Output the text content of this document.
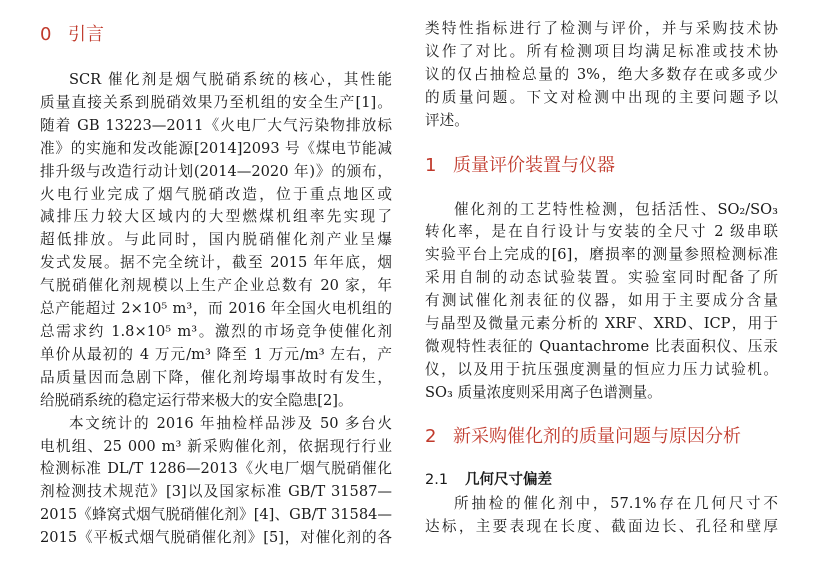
0 引言
SCR 催化剂是烟气脱硝系统的核心，其性能
质量直接关系到脱硝效果乃至机组的安全生产[1]。
随着 GB 13223—2011《火电厂大气污染物排放标
准》的实施和发改能源[2014]2093 号《煤电节能减
排升级与改造行动计划(2014—2020 年)》的颁布，
火电行业完成了烟气脱硝改造，位于重点地区或
减排压力较大区域内的大型燃煤机组率先实现了
超低排放。与此同时，国内脱硝催化剂产业呈爆
发式发展。据不完全统计，截至 2015 年年底，烟
气脱硝催化剂规模以上生产企业总数有 20 家，年
总产能超过 2×10⁵ m³，而 2016 年全国火电机组的
总需求约 1.8×10⁵ m³。激烈的市场竞争使催化剂
单价从最初的 4 万元/m³ 降至 1 万元/m³ 左右，产
品质量因而急剧下降，催化剂垮塌事故时有发生，
给脱硝系统的稳定运行带来极大的安全隐患[2]。
本文统计的 2016 年抽检样品涉及 50 多台火
电机组、25 000 m³ 新采购催化剂，依据现行行业
检测标准 DL/T 1286—2013《火电厂烟气脱硝催化
剂检测技术规范》[3]以及国家标准 GB/T 31587—
2015《蜂窝式烟气脱硝催化剂》[4]、GB/T 31584—
2015《平板式烟气脱硝催化剂》[5]，对催化剂的各
类特性指标进行了检测与评价，并与采购技术协
议作了对比。所有检测项目均满足标准或技术协
议的仅占抽检总量的 3%，绝大多数存在或多或少
的质量问题。下文对检测中出现的主要问题予以
评述。
1 质量评价装置与仪器
催化剂的工艺特性检测，包括活性、SO₂/SO₃
转化率，是在自行设计与安装的全尺寸 2 级串联
实验平台上完成的[6]，磨损率的测量参照检测标准
采用自制的动态试验装置。实验室同时配备了所
有测试催化剂表征的仪器，如用于主要成分含量
与晶型及微量元素分析的 XRF、XRD、ICP，用于
微观特性表征的 Quantachrome 比表面积仪、压汞
仪，以及用于抗压强度测量的恒应力压力试验机。
SO₃ 质量浓度则采用离子色谱测量。
2 新采购催化剂的质量问题与原因分析
2.1 几何尺寸偏差
所抽检的催化剂中，57.1%存在几何尺寸不
达标，主要表现在长度、截面边长、孔径和壁厚
